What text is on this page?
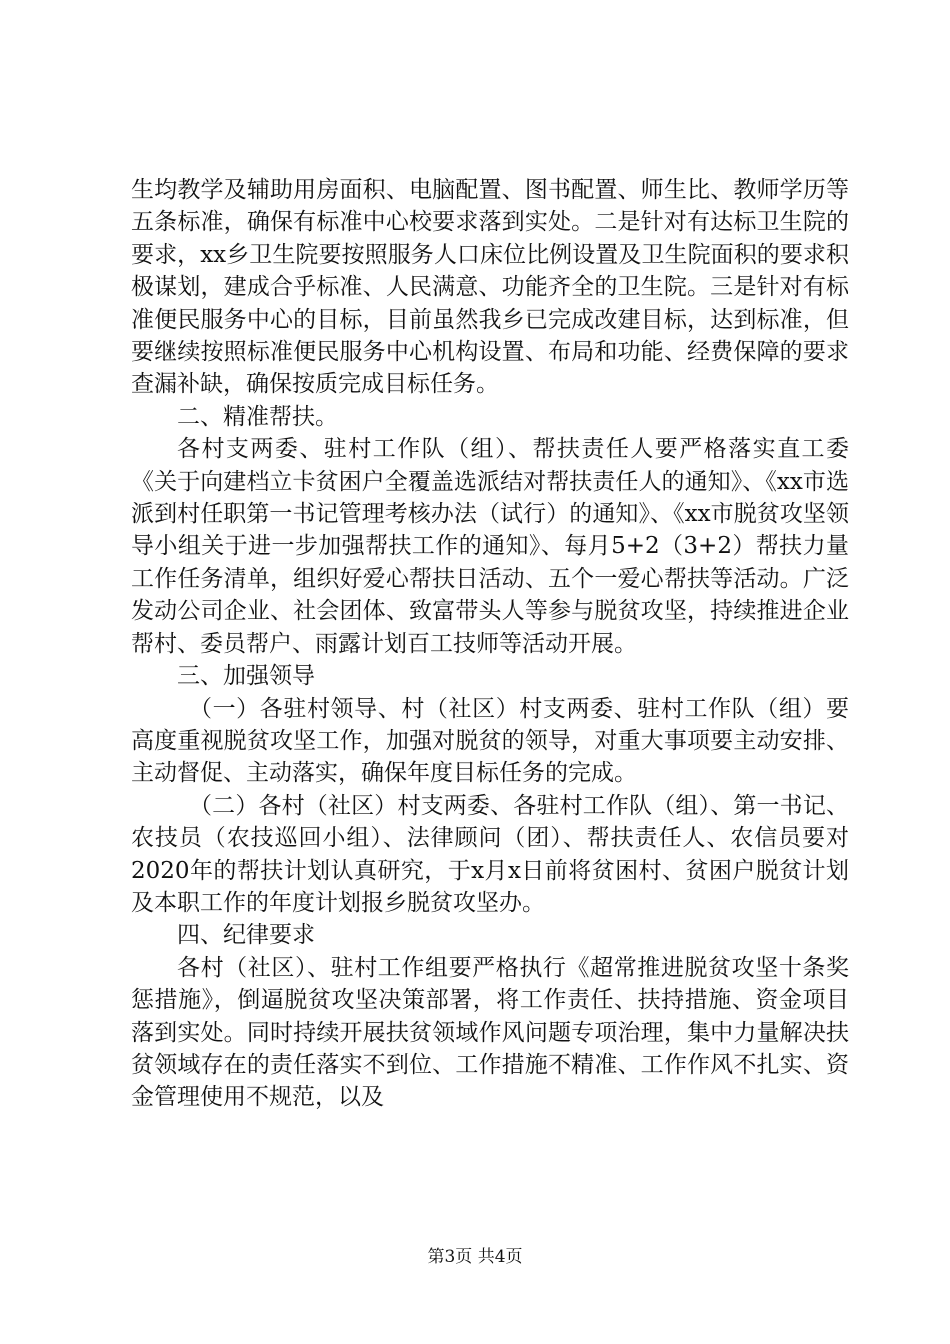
生均教学及辅助用房面积、电脑配置、图书配置、师生比、教师学历等五条标准，确保有标准中心校要求落到实处。二是针对有达标卫生院的要求，xx乡卫生院要按照服务人口床位比例设置及卫生院面积的要求积极谋划，建成合乎标准、人民满意、功能齐全的卫生院。三是针对有标准便民服务中心的目标，目前虽然我乡已完成改建目标，达到标准，但要继续按照标准便民服务中心机构设置、布局和功能、经费保障的要求查漏补缺，确保按质完成目标任务。

二、精准帮扶。

各村支两委、驻村工作队（组）、帮扶责任人要严格落实直工委《关于向建档立卡贫困户全覆盖选派结对帮扶责任人的通知》、《xx市选派到村任职第一书记管理考核办法（试行）的通知》、《xx市脱贫攻坚领导小组关于进一步加强帮扶工作的通知》、每月5+2（3+2）帮扶力量工作任务清单，组织好爱心帮扶日活动、五个一爱心帮扶等活动。广泛发动公司企业、社会团体、致富带头人等参与脱贫攻坚，持续推进企业帮村、委员帮户、雨露计划百工技师等活动开展。

三、加强领导

（一）各驻村领导、村（社区）村支两委、驻村工作队（组）要高度重视脱贫攻坚工作，加强对脱贫的领导，对重大事项要主动安排、主动督促、主动落实，确保年度目标任务的完成。

（二）各村（社区）村支两委、各驻村工作队（组）、第一书记、农技员（农技巡回小组）、法律顾问（团）、帮扶责任人、农信员要对2020年的帮扶计划认真研究，于x月x日前将贫困村、贫困户脱贫计划及本职工作的年度计划报乡脱贫攻坚办。

四、纪律要求

各村（社区）、驻村工作组要严格执行《超常推进脱贫攻坚十条奖惩措施》，倒逼脱贫攻坚决策部署，将工作责任、扶持措施、资金项目落到实处。同时持续开展扶贫领域作风问题专项治理，集中力量解决扶贫领域存在的责任落实不到位、工作措施不精准、工作作风不扎实、资金管理使用不规范，以及

第3页 共4页
